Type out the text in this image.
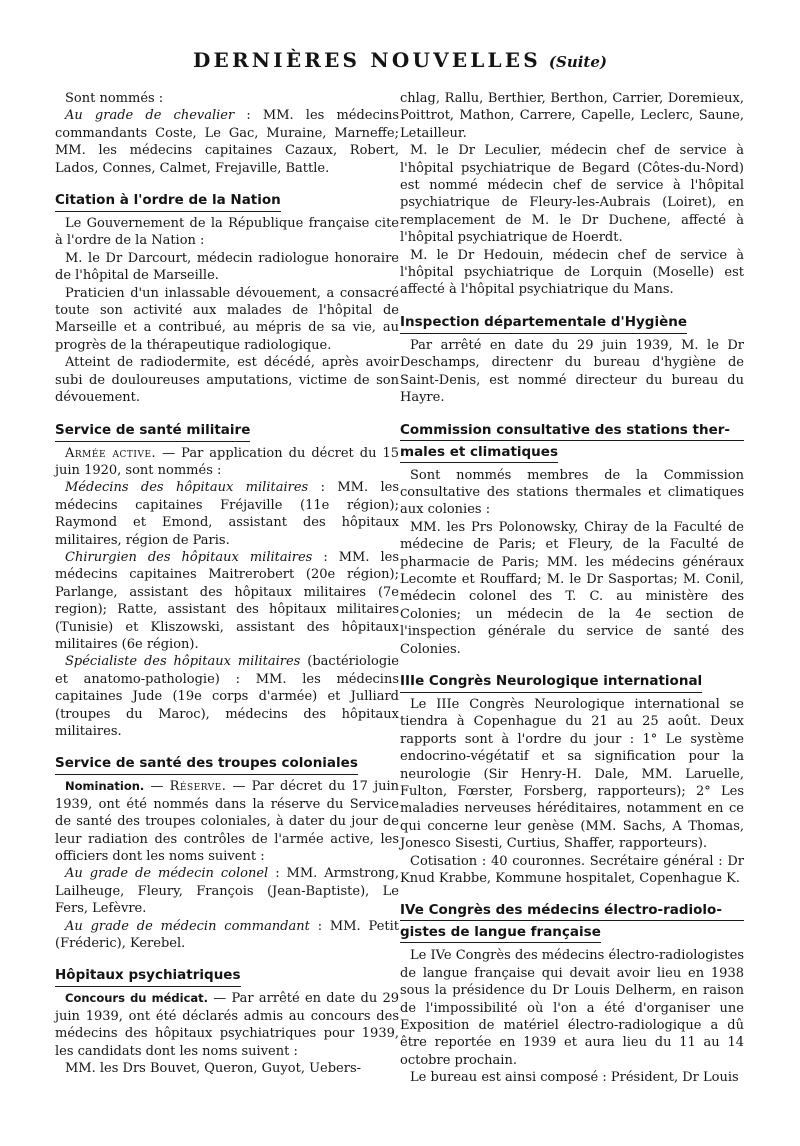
DERNIÈRES NOUVELLES (Suite)

Sont nommés :

Au grade de chevalier : MM. les médecins commandants Coste, Le Gac, Muraine, Marneffe; MM. les médecins capitaines Cazaux, Robert, Lados, Connes, Calmet, Frejaville, Battle.

Citation à l'ordre de la Nation

Le Gouvernement de la République française cite à l'ordre de la Nation :

M. le Dr Darcourt, médecin radiologue honoraire de l'hôpital de Marseille.

Praticien d'un inlassable dévouement, a consacré toute son activité aux malades de l'hôpital de Marseille et a contribué, au mépris de sa vie, au progrès de la thérapeutique radiologique.

Atteint de radiodermite, est décédé, après avoir subi de douloureuses amputations, victime de son dévouement.

Service de santé militaire

Armée active. — Par application du décret du 15 juin 1920, sont nommés :

Médecins des hôpitaux militaires : MM. les médecins capitaines Fréjaville (11e région); Raymond et Emond, assistant des hôpitaux militaires, région de Paris.

Chirurgien des hôpitaux militaires : MM. les médecins capitaines Maitrerobert (20e région); Parlange, assistant des hôpitaux militaires (7e region); Ratte, assistant des hôpitaux militaires (Tunisie) et Kliszowski, assistant des hôpitaux militaires (6e région).

Spécialiste des hôpitaux militaires (bactériologie et anatomo-pathologie) : MM. les médecins capitaines Jude (19e corps d'armée) et Julliard (troupes du Maroc), médecins des hôpitaux militaires.

Service de santé des troupes coloniales

Nomination. — Réserve. — Par décret du 17 juin 1939, ont été nommés dans la réserve du Service de santé des troupes coloniales, à dater du jour de leur radiation des contrôles de l'armée active, les officiers dont les noms suivent :

Au grade de médecin colonel : MM. Armstrong, Lailheuge, Fleury, François (Jean-Baptiste), Le Fers, Lefèvre.

Au grade de médecin commandant : MM. Petit (Fréderic), Kerebel.

Hôpitaux psychiatriques

Concours du médicat. — Par arrêté en date du 29 juin 1939, ont été déclarés admis au concours des médecins des hôpitaux psychiatriques pour 1939, les candidats dont les noms suivent :

MM. les Drs Bouvet, Queron, Guyot, Uebers-

chlag, Rallu, Berthier, Berthon, Carrier, Doremieux, Poittrot, Mathon, Carrere, Capelle, Leclerc, Saune, Letailleur.

M. le Dr Leculier, médecin chef de service à l'hôpital psychiatrique de Begard (Côtes-du-Nord) est nommé médecin chef de service à l'hôpital psychiatrique de Fleury-les-Aubrais (Loiret), en remplacement de M. le Dr Duchene, affecté à l'hôpital psychiatrique de Hoerdt.

M. le Dr Hedouin, médecin chef de service à l'hôpital psychiatrique de Lorquin (Moselle) est affecté à l'hôpital psychiatrique du Mans.

Inspection départementale d'Hygiène

Par arrêté en date du 29 juin 1939, M. le Dr Deschamps, directenr du bureau d'hygiène de Saint-Denis, est nommé directeur du bureau du Hayre.

Commission consultative des stations ther-
males et climatiques

Sont nommés membres de la Commission consultative des stations thermales et climatiques aux colonies :

MM. les Prs Polonowsky, Chiray de la Faculté de médecine de Paris; et Fleury, de la Faculté de pharmacie de Paris; MM. les médecins généraux Lecomte et Rouffard; M. le Dr Sasportas; M. Conil, médecin colonel des T. C. au ministère des Colonies; un médecin de la 4e section de l'inspection générale du service de santé des Colonies.

IIIe Congrès Neurologique international

Le IIIe Congrès Neurologique international se tiendra à Copenhague du 21 au 25 août. Deux rapports sont à l'ordre du jour : 1° Le système endocrino-végétatif et sa signification pour la neurologie (Sir Henry-H. Dale, MM. Laruelle, Fulton, Fœrster, Forsberg, rapporteurs); 2° Les maladies nerveuses héréditaires, notamment en ce qui concerne leur genèse (MM. Sachs, A Thomas, Jonesco Sisesti, Curtius, Shaffer, rapporteurs).

Cotisation : 40 couronnes. Secrétaire général : Dr Knud Krabbe, Kommune hospitalet, Copenhague K.

IVe Congrès des médecins électro-radiolo-
gistes de langue française

Le IVe Congrès des médecins électro-radiologistes de langue française qui devait avoir lieu en 1938 sous la présidence du Dr Louis Delherm, en raison de l'impossibilité où l'on a été d'organiser une Exposition de matériel électro-radiologique a dû être reportée en 1939 et aura lieu du 11 au 14 octobre prochain.

Le bureau est ainsi composé : Président, Dr Louis
